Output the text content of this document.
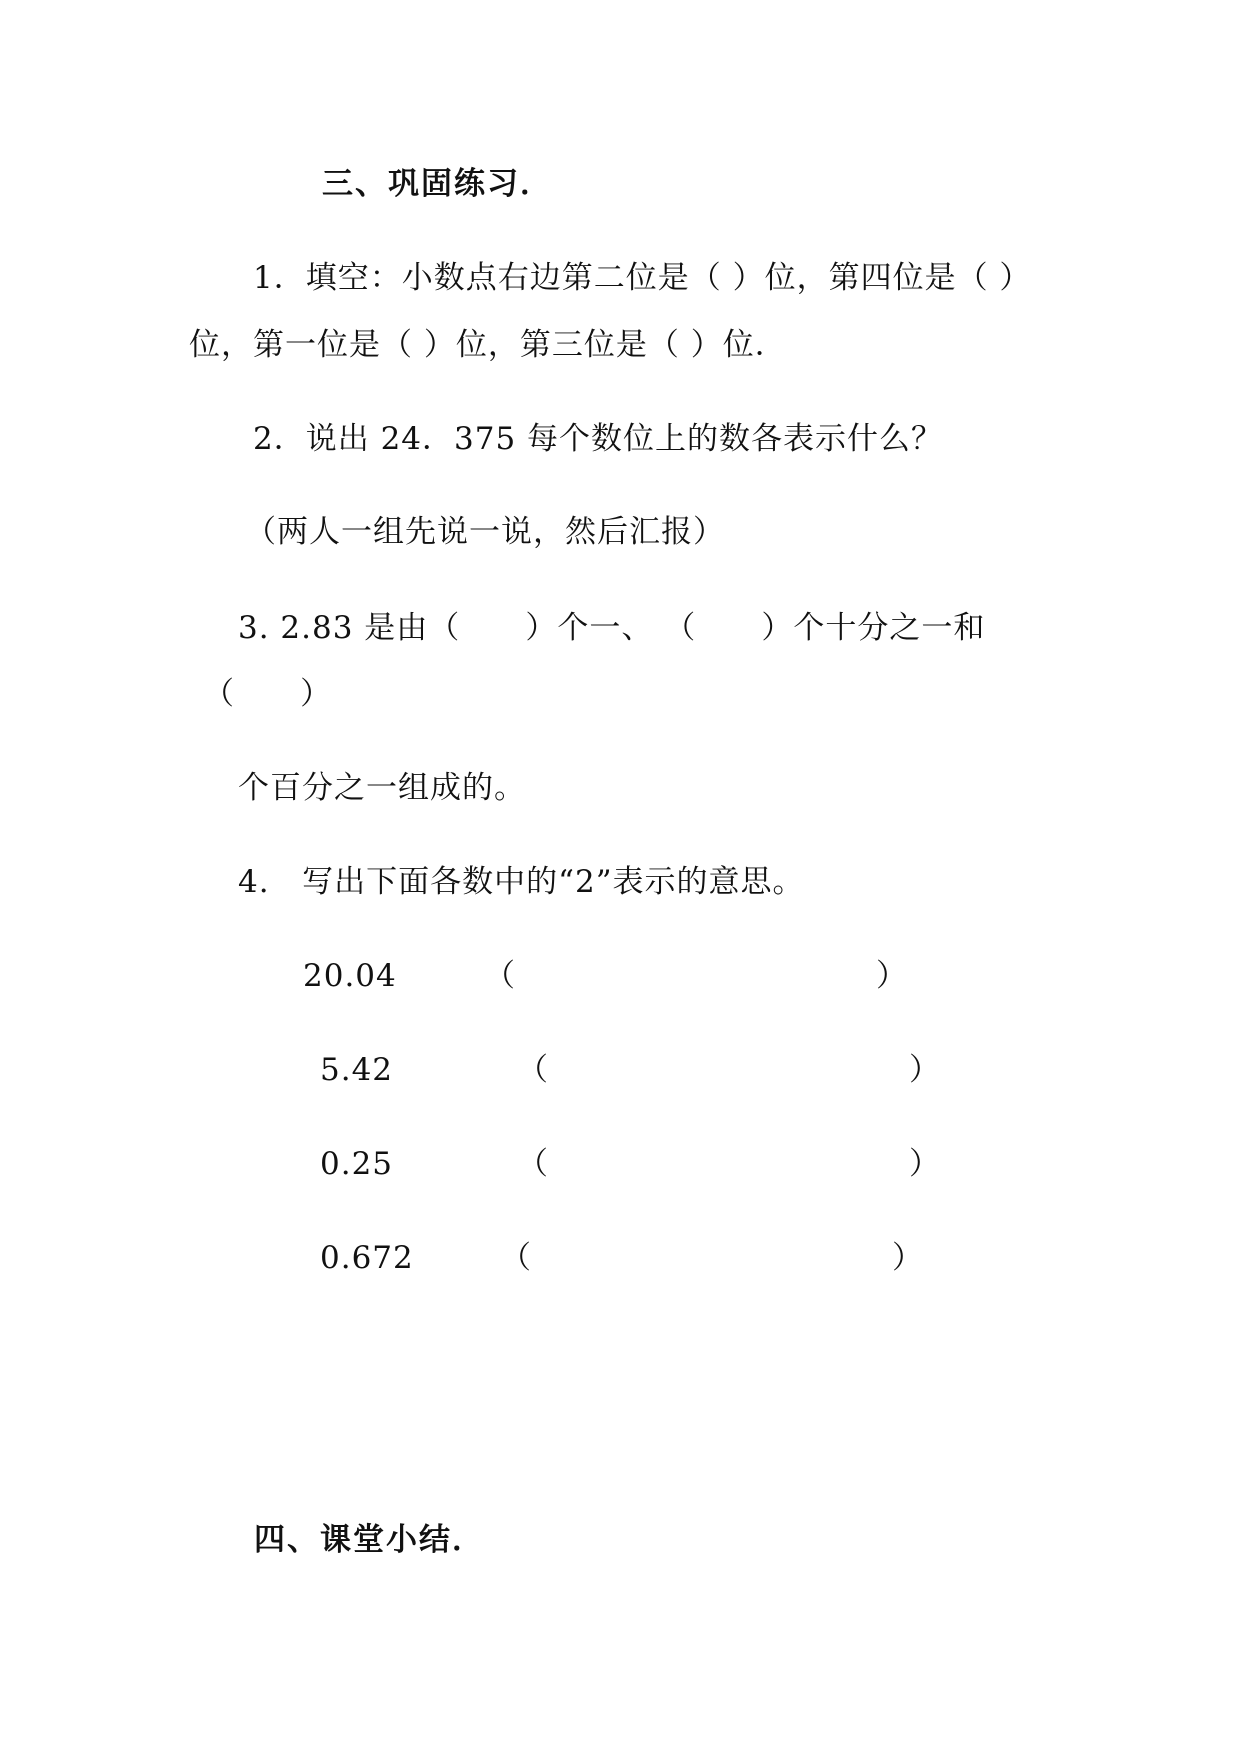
三、巩固练习．
1．填空：小数点右边第二位是（ ）位，第四位是（ ）
位，第一位是（ ）位，第三位是（ ）位．
2．说出 24．375 每个数位上的数各表示什么？
（两人一组先说一说，然后汇报）
3. 2.83 是由（      ）个一、 （      ）个十分之一和
（      ）
个百分之一组成的。
4.   写出下面各数中的“2”表示的意思。
20.04	（	）
5.42	（	）
0.25	（	）
0.672	（	）
四、课堂小结．
